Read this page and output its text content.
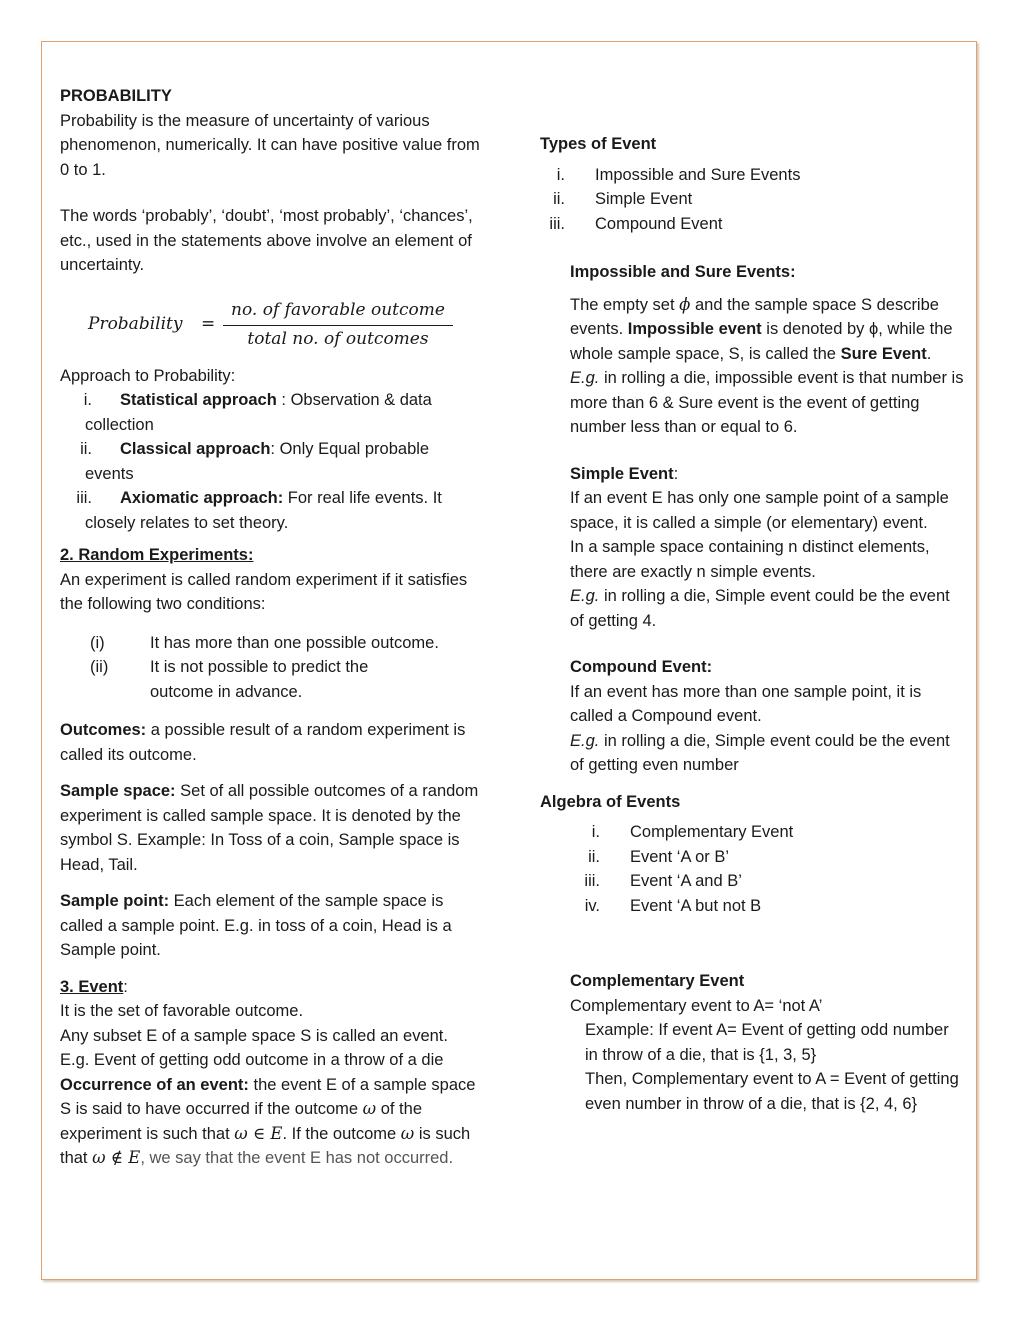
PROBABILITY

Probability is the measure of uncertainty of various phenomenon, numerically. It can have positive value from 0 to 1.

The words ‘probably’, ‘doubt’, ‘most probably’, ‘chances’, etc., used in the statements above involve an element of uncertainty.

Probability =
no. of favorable outcome
total no. of outcomes

Approach to Probability:

i. Statistical approach : Observation & data
collection
ii. Classical approach: Only Equal probable
events
iii. Axiomatic approach: For real life events. It
closely relates to set theory.

2. Random Experiments:

An experiment is called random experiment if it satisfies the following two conditions:

(i)	It has more than one possible outcome.
(ii)	It is not possible to predict the
outcome in advance.

Outcomes: a possible result of a random experiment is called its outcome.

Sample space: Set of all possible outcomes of a random experiment is called sample space. It is denoted by the symbol S. Example: In Toss of a coin, Sample space is Head, Tail.

Sample point: Each element of the sample space is called a sample point. E.g. in toss of a coin, Head is a Sample point.

3. Event:

It is the set of favorable outcome.

Any subset E of a sample space S is called an event.

E.g. Event of getting odd outcome in a throw of a die

Occurrence of an event: the event E of a sample space S is said to have occurred if the outcome ω of the experiment is such that ω ∈ E. If the outcome ω is such that ω ∉ E, we say that the event E has not occurred.

Types of Event

i. Impossible and Sure Events
ii. Simple Event
iii. Compound Event

Impossible and Sure Events:

The empty set ϕ and the sample space S describe events. Impossible event is denoted by ϕ, while the whole sample space, S, is called the Sure Event.

E.g. in rolling a die, impossible event is that number is more than 6 & Sure event is the event of getting number less than or equal to 6.

Simple Event:

If an event E has only one sample point of a sample space, it is called a simple (or elementary) event.

In a sample space containing n distinct elements, there are exactly n simple events.

E.g. in rolling a die, Simple event could be the event of getting 4.

Compound Event:

If an event has more than one sample point, it is called a Compound event.

E.g. in rolling a die, Simple event could be the event of getting even number

Algebra of Events

i. Complementary Event
ii. Event ‘A or B’
iii. Event ‘A and B’
iv. Event ‘A but not B

Complementary Event

Complementary event to A= ‘not A’

Example: If event A= Event of getting odd number in throw of a die, that is {1, 3, 5}

Then, Complementary event to A = Event of getting even number in throw of a die, that is {2, 4, 6}
